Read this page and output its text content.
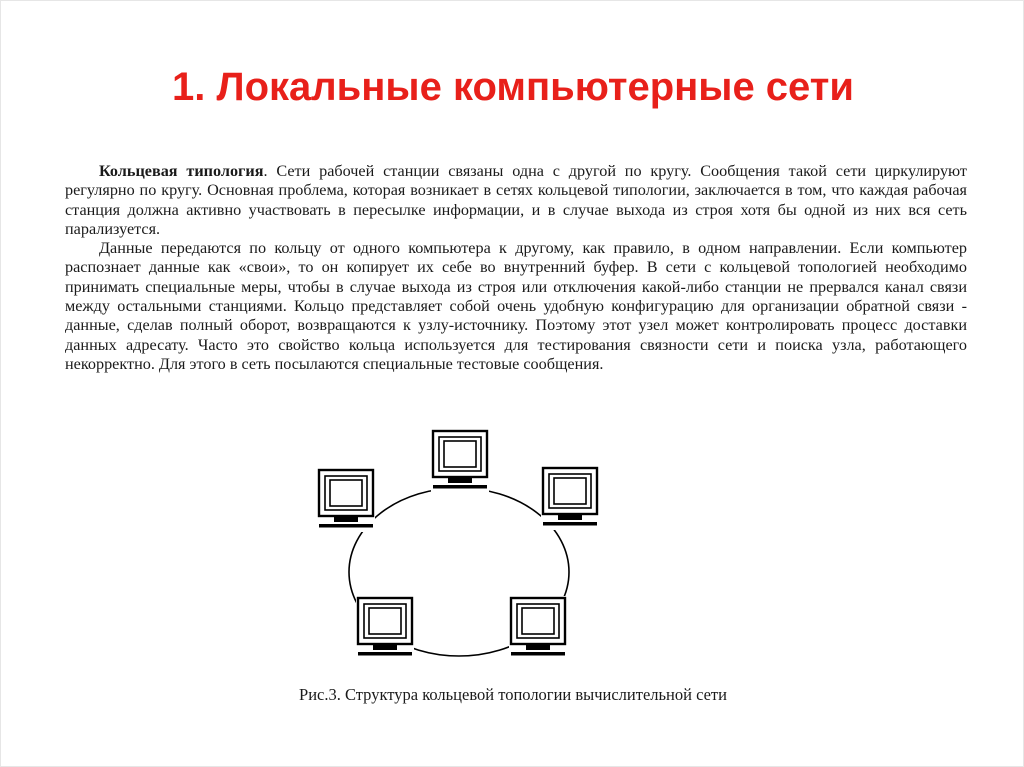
1. Локальные компьютерные сети

Кольцевая типология. Сети рабочей станции связаны одна с другой по кругу. Сообщения такой сети циркулируют регулярно по кругу. Основная проблема, которая возникает в сетях кольцевой типологии, заключается в том, что каждая рабочая станция должна активно участвовать в пересылке информации, и в случае выхода из строя хотя бы одной из них вся сеть парализуется.

Данные передаются по кольцу от одного компьютера к другому, как правило, в одном направлении. Если компьютер распознает данные как «свои», то он копирует их себе во внутренний буфер. В сети с кольцевой топологией необходимо принимать специальные меры, чтобы в случае выхода из строя или отключения какой-либо станции не прервался канал связи между остальными станциями. Кольцо представляет собой очень удобную конфигурацию для организации обратной связи - данные, сделав полный оборот, возвращаются к узлу-источнику. Поэтому этот узел может контролировать процесс доставки данных адресату. Часто это свойство кольца используется для тестирования связности сети и поиска узла, работающего некорректно. Для этого в сеть посылаются специальные тестовые сообщения.

Рис.3. Структура кольцевой топологии вычислительной сети
